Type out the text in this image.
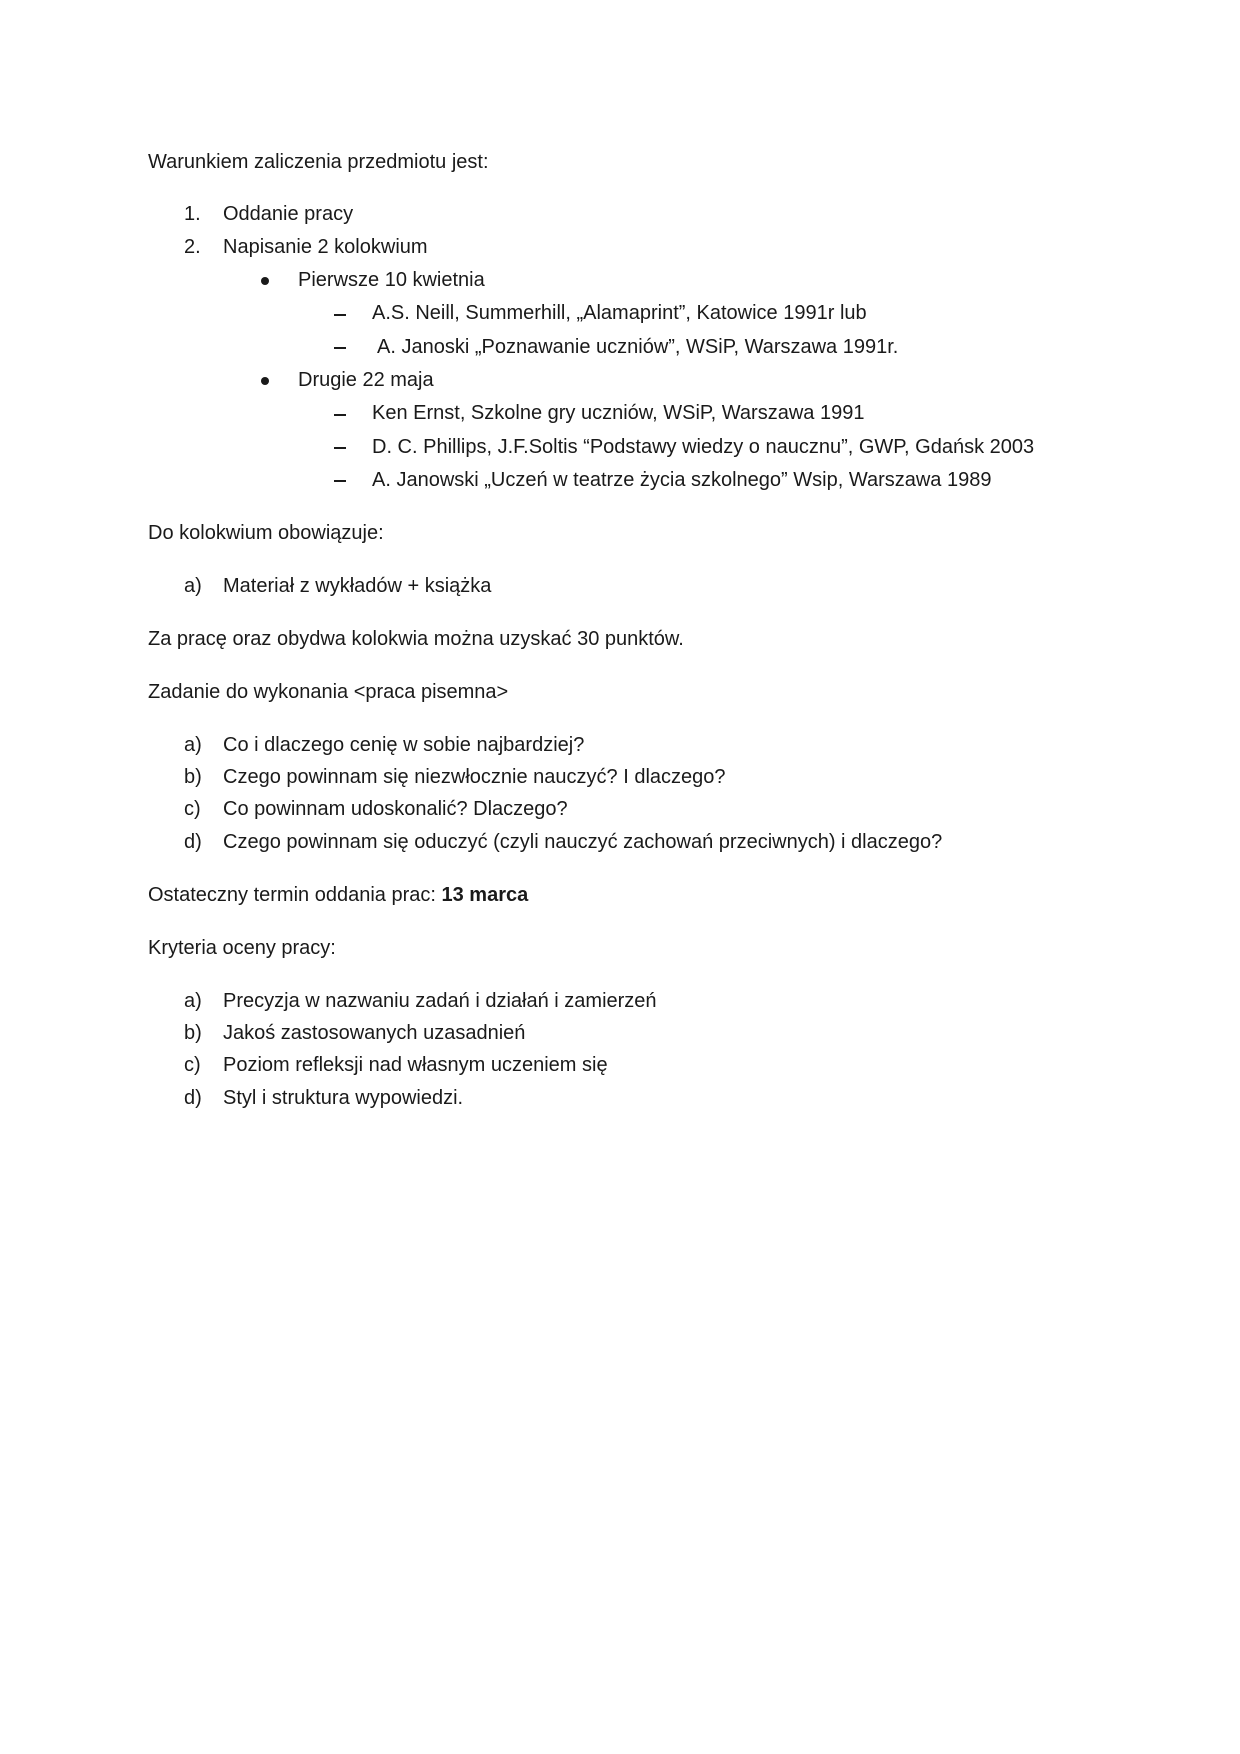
Warunkiem zaliczenia przedmiotu jest:
1. Oddanie pracy
2. Napisanie 2 kolokwium
Pierwsze 10 kwietnia
A.S. Neill, Summerhill, „Alamaprint”, Katowice 1991r lub
A. Janoski „Poznawanie uczniów”, WSiP, Warszawa 1991r.
Drugie 22 maja
Ken Ernst, Szkolne gry uczniów, WSiP, Warszawa 1991
D. C. Phillips, J.F.Soltis “Podstawy wiedzy o naucznu”, GWP, Gdańsk 2003
A. Janowski „Uczeń w teatrze życia szkolnego” Wsip, Warszawa 1989
Do kolokwium obowiązuje:
a) Materiał z wykładów + książka
Za pracę oraz obydwa kolokwia można uzyskać 30 punktów.
Zadanie do wykonania <praca pisemna>
a) Co i dlaczego cenię w sobie najbardziej?
b) Czego powinnam się niezwłocznie nauczyć? I dlaczego?
c) Co powinnam udoskonalić? Dlaczego?
d) Czego powinnam się oduczyć (czyli nauczyć zachowań przeciwnych) i dlaczego?
Ostateczny termin oddania prac: 13 marca
Kryteria oceny pracy:
a) Precyzja w nazwaniu zadań i działań i zamierzeń
b) Jakoś zastosowanych uzasadnień
c) Poziom refleksji nad własnym uczeniem się
d) Styl i struktura wypowiedzi.
